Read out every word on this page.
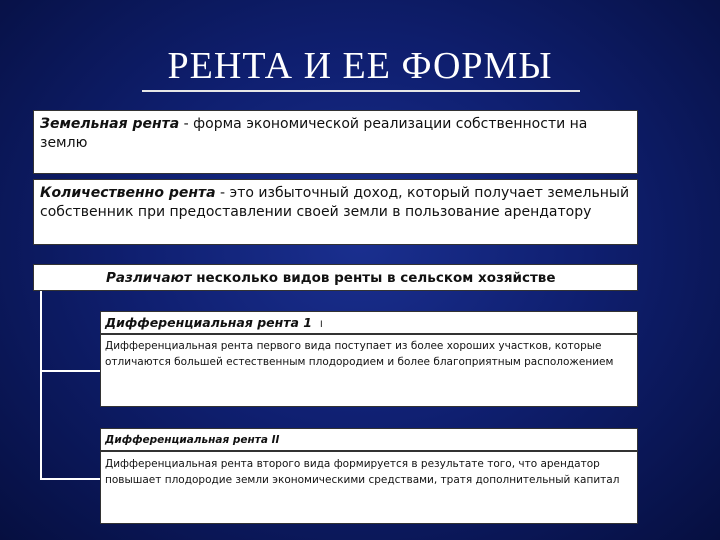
РЕНТА И ЕЕ ФОРМЫ
Земельная рента - форма экономической реализации собственности на землю
Количественно рента - это избыточный доход, который получает земельный собственник при предоставлении своей земли в пользование арендатору
Различают несколько видов ренты в сельском хозяйстве
Дифференциальная рента 1 I
Дифференциальная рента первого вида поступает из более хороших участков, которые отличаются большей естественным плодородием и более благоприятным расположением
Дифференциальная рента II
Дифференциальная рента второго вида формируется в результате того, что арендатор повышает плодородие земли экономическими средствами, тратя дополнительный капитал
